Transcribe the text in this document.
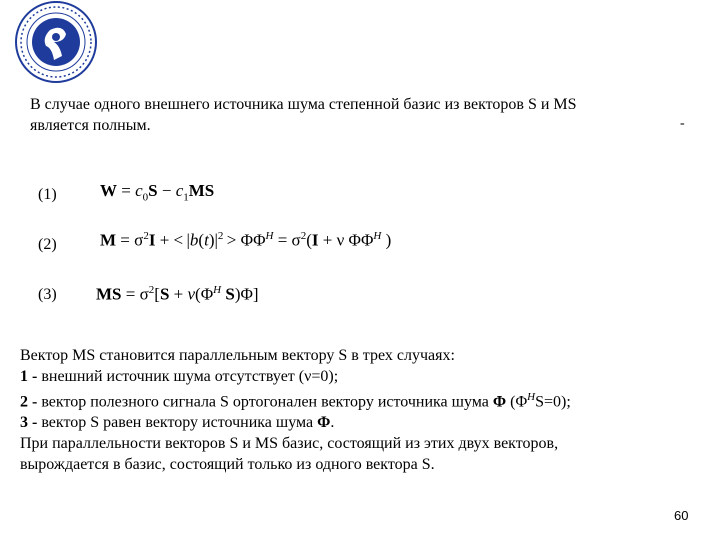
В случае одного внешнего источника шума степенной базис из векторов S и MS
является полным.	-
(1)
(2)
(3)
$W = c_0S - c_1MS$
$M = \sigma^2I$ + < $|b(t)|^2 > \Phi\Phi^H = \sigma^2(I + \nu$ $\Phi\Phi^H$ )
MS = $\sigma^2[S + \nu(\Phi^H$ S)Φ]

Вектор MS становится параллельным вектору S в трех случаях:

1 - внешний источник шума отсутствует (ν=0);

2 - вектор полезного сигнала S ортогонален вектору источника шума Φ $(\Phi^HS=0)$;

3 - вектор S равен вектору источника шума Φ.

При параллельности векторов S и MS базис, состоящий из этих двух векторов,

вырождается в базис, состоящий только из одного вектора S.

60
